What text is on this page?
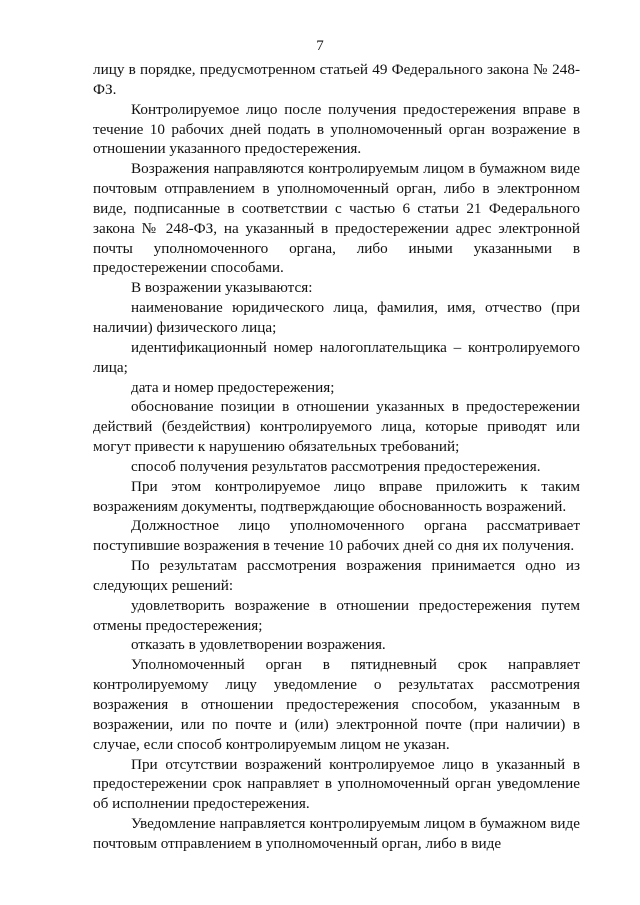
7

лицу в порядке, предусмотренном статьей 49 Федерального закона № 248-ФЗ.

Контролируемое лицо после получения предостережения вправе в течение 10 рабочих дней подать в уполномоченный орган возражение в отношении указанного предостережения.

Возражения направляются контролируемым лицом в бумажном виде почтовым отправлением в уполномоченный орган, либо в электронном виде, подписанные в соответствии с частью 6 статьи 21 Федерального закона № 248-ФЗ, на указанный в предостережении адрес электронной почты уполномоченного органа, либо иными указанными в предостережении способами.

В возражении указываются:

наименование юридического лица, фамилия, имя, отчество (при наличии) физического лица;

идентификационный номер налогоплательщика – контролируемого лица;

дата и номер предостережения;

обоснование позиции в отношении указанных в предостережении действий (бездействия) контролируемого лица, которые приводят или могут привести к нарушению обязательных требований;

способ получения результатов рассмотрения предостережения.

При этом контролируемое лицо вправе приложить к таким возражениям документы, подтверждающие обоснованность возражений.

Должностное лицо уполномоченного органа рассматривает поступившие возражения в течение 10 рабочих дней со дня их получения.

По результатам рассмотрения возражения принимается одно из следующих решений:

удовлетворить возражение в отношении предостережения путем отмены предостережения;

отказать в удовлетворении возражения.

Уполномоченный орган в пятидневный срок направляет контролируемому лицу уведомление о результатах рассмотрения возражения в отношении предостережения способом, указанным в возражении, или по почте и (или) электронной почте (при наличии) в случае, если способ контролируемым лицом не указан.

При отсутствии возражений контролируемое лицо в указанный в предостережении срок направляет в уполномоченный орган уведомление об исполнении предостережения.

Уведомление направляется контролируемым лицом в бумажном виде почтовым отправлением в уполномоченный орган, либо в виде
